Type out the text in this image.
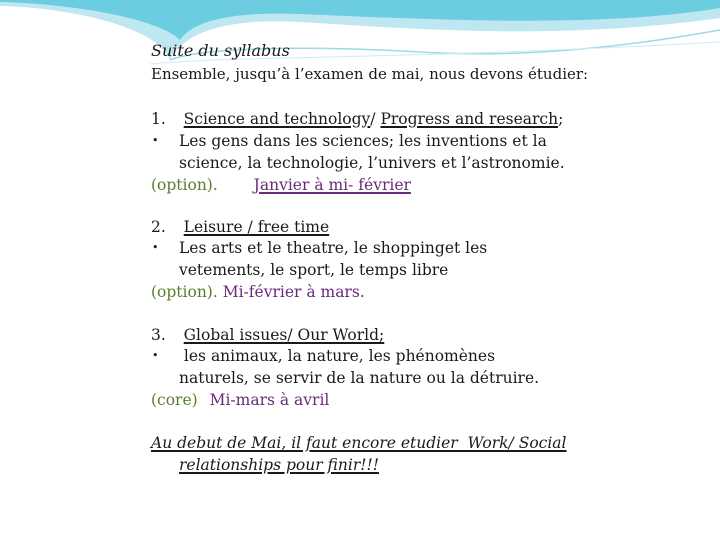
Suite du syllabus
Ensemble, jusqu’à l’examen de mai, nous devons étudier:
1. Science and technology/ Progress and research;
• Les gens dans les sciences; les inventions et la
science, la technologie, l’univers et l’astronomie.
(option). Janvier à mi- février
2. Leisure / free time
• Les arts et le theatre, le shoppinget les
vetements, le sport, le temps libre
(option). Mi-février à mars.
3. Global issues/ Our World;
• les animaux, la nature, les phénomènes
naturels, se servir de la nature ou la détruire.
(core) Mi-mars à avril
Au debut de Mai, il faut encore etudier  Work/ Social
relationships pour finir!!!
